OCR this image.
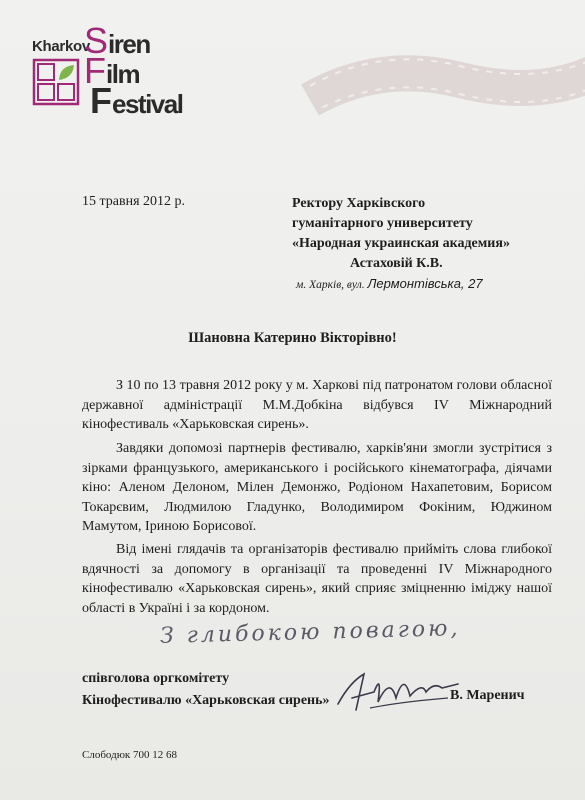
Kharkov
Siren
Film
Festival
15 травня 2012 р.	Ректору Харківского
гуманітарного университету
«Народная украинская академия»
Астаховій К.В.
м. Харків, вул. Лермонтівська, 27
Шановна Катерино Вікторівно!
З 10 по 13 травня 2012 року у м. Харкові під патронатом голови обласної державної адміністрації М.М.Добкіна відбувся IV Міжнародний кінофестиваль «Харьковская сирень».
Завдяки допомозі партнерів фестивалю, харків'яни змогли зустрітися з зірками французького, американського і російського кінематографа, діячами кіно: Аленом Делоном, Мілен Демонжо, Родіоном Нахапетовим, Борисом Токарєвим, Людмилою Гладунко, Володимиром Фокіним, Юджином Мамутом, Іриною Борисової.
Від імені глядачів та організаторів фестивалю прийміть слова глибокої вдячності за допомогу в організації та проведенні IV Міжнародного кінофестивалю «Харьковская сирень», який сприяє зміцненню іміджу нашої області в Україні і за кордоном.
З глибокою повагою,
співголова оргкомітету
Кінофестивалю «Харьковская сирень»	В. Маренич
Слободюк 700 12 68
